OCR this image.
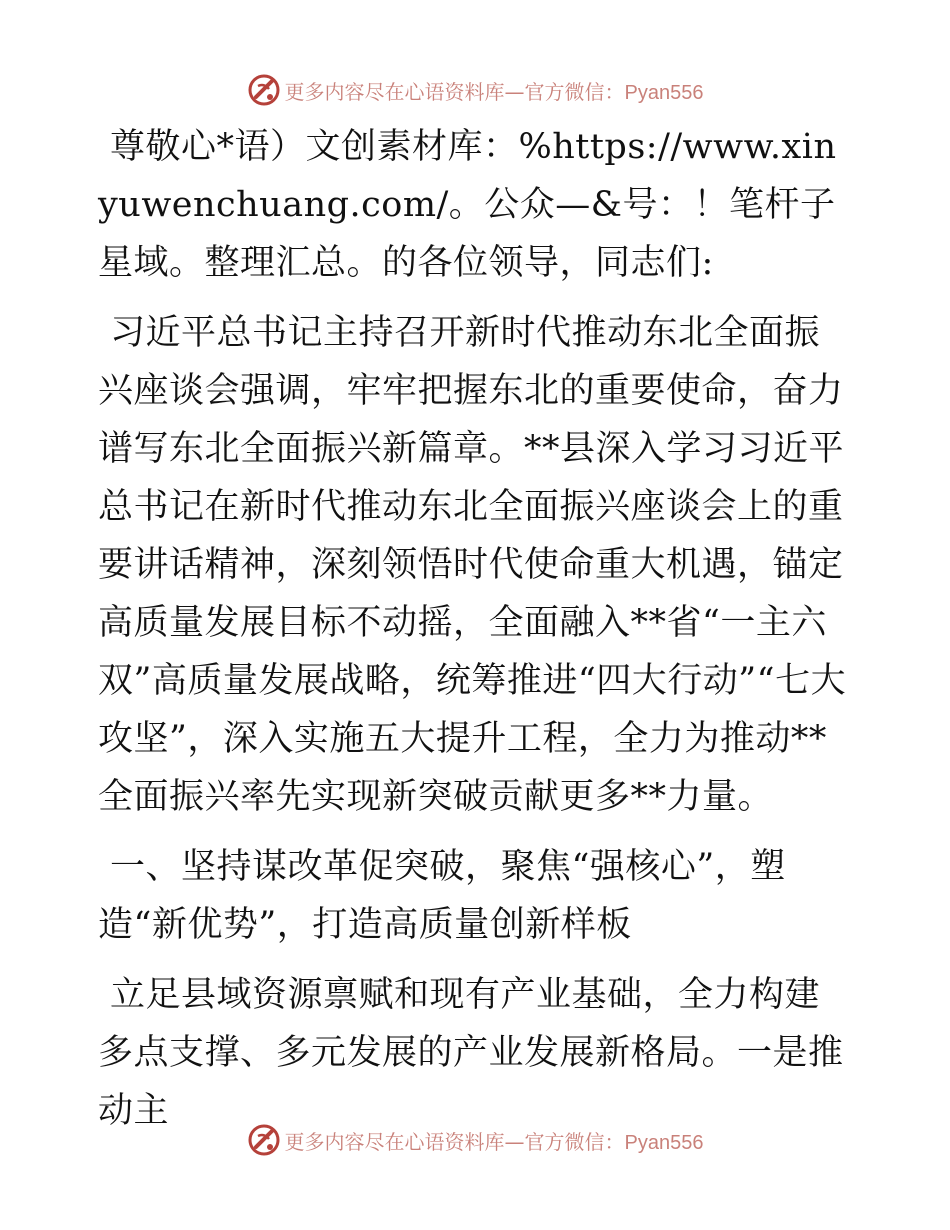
更多内容尽在心语资料库—官方微信：Pyan556

尊敬心*语）文创素材库：%https://www.xinyuwenchuang.com/。公众—&号：！笔杆子星域。整理汇总。的各位领导，同志们:

习近平总书记主持召开新时代推动东北全面振兴座谈会强调，牢牢把握东北的重要使命，奋力谱写东北全面振兴新篇章。**县深入学习习近平总书记在新时代推动东北全面振兴座谈会上的重要讲话精神，深刻领悟时代使命重大机遇，锚定高质量发展目标不动摇，全面融入**省“一主六双”高质量发展战略，统筹推进“四大行动”“七大攻坚”，深入实施五大提升工程，全力为推动**全面振兴率先实现新突破贡献更多**力量。

一、坚持谋改革促突破，聚焦“强核心”，塑

造“新优势”，打造高质量创新样板

立足县域资源禀赋和现有产业基础，全力构建多点支撑、多元发展的产业发展新格局。一是推动主

更多内容尽在心语资料库—官方微信：Pyan556
